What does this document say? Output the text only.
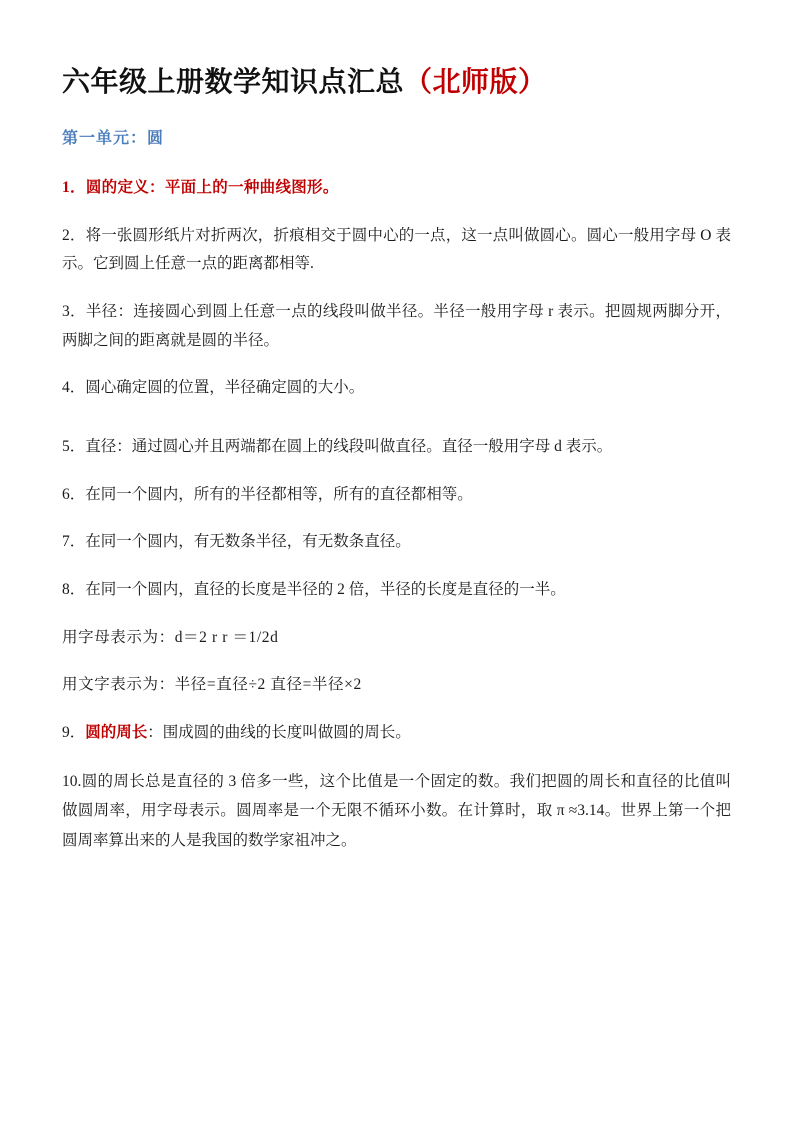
六年级上册数学知识点汇总（北师版）
第一单元：圆

1．圆的定义：平面上的一种曲线图形。

2．将一张圆形纸片对折两次，折痕相交于圆中心的一点，这一点叫做圆心。圆心一般用字母 O 表示。它到圆上任意一点的距离都相等.

3．半径：连接圆心到圆上任意一点的线段叫做半径。半径一般用字母 r 表示。把圆规两脚分开，两脚之间的距离就是圆的半径。

4．圆心确定圆的位置，半径确定圆的大小。

5．直径：通过圆心并且两端都在圆上的线段叫做直径。直径一般用字母 d 表示。

6．在同一个圆内，所有的半径都相等，所有的直径都相等。

7．在同一个圆内，有无数条半径，有无数条直径。

8．在同一个圆内，直径的长度是半径的 2 倍，半径的长度是直径的一半。

用字母表示为：d＝2 r r ＝1/2d

用文字表示为：半径=直径÷2 直径=半径×2

9．圆的周长：围成圆的曲线的长度叫做圆的周长。

10.圆的周长总是直径的 3 倍多一些，这个比值是一个固定的数。我们把圆的周长和直径的比值叫做圆周率，用字母表示。圆周率是一个无限不循环小数。在计算时，取 π ≈3.14。世界上第一个把圆周率算出来的人是我国的数学家祖冲之。
